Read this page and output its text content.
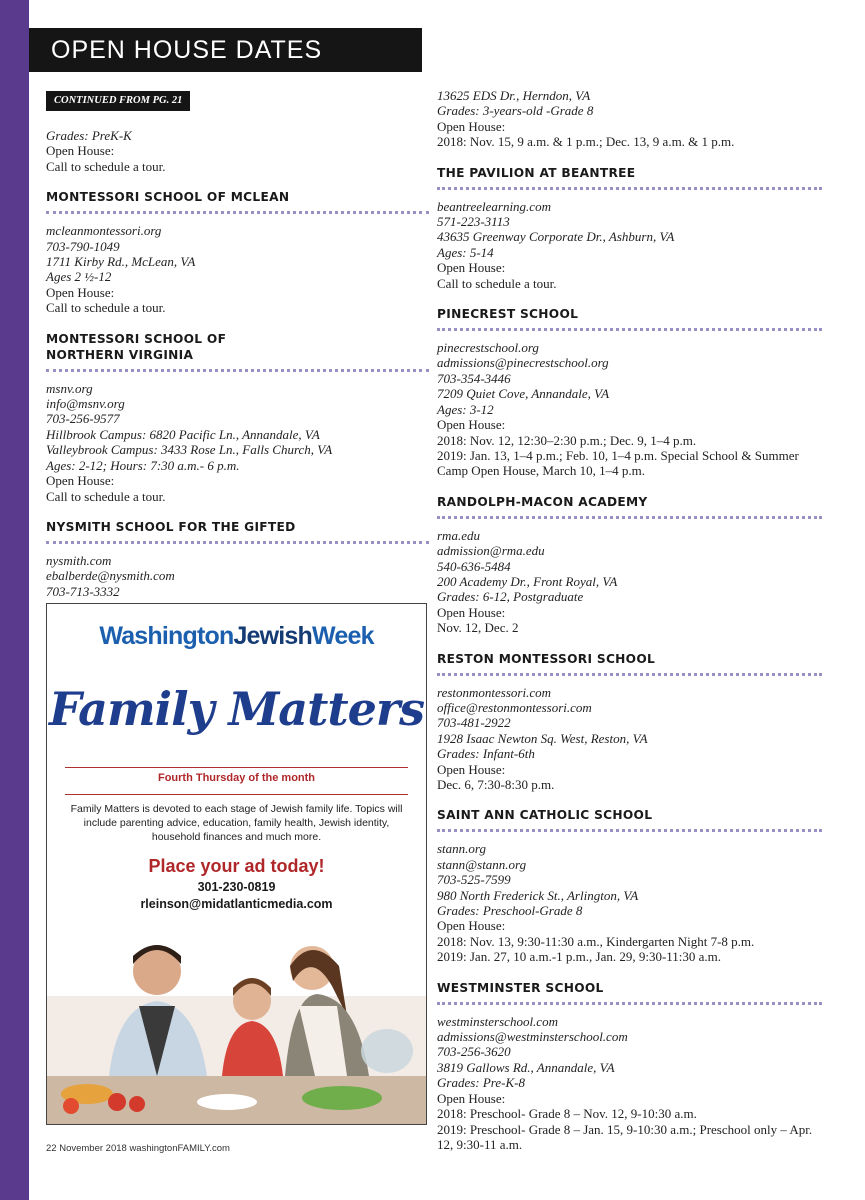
OPEN HOUSE DATES
CONTINUED FROM PG. 21
Grades: PreK-K
Open House:
Call to schedule a tour.
MONTESSORI SCHOOL OF MCLEAN
mcleanmontessori.org
703-790-1049
1711 Kirby Rd., McLean, VA
Ages 2 ½-12
Open House:
Call to schedule a tour.
MONTESSORI SCHOOL OF NORTHERN VIRGINIA
msnv.org
info@msnv.org
703-256-9577
Hillbrook Campus: 6820 Pacific Ln., Annandale, VA
Valleybrook Campus: 3433 Rose Ln., Falls Church, VA
Ages: 2-12; Hours: 7:30 a.m.- 6 p.m.
Open House:
Call to schedule a tour.
NYSMITH SCHOOL FOR THE GIFTED
nysmith.com
ebalberde@nysmith.com
703-713-3332
13625 EDS Dr., Herndon, VA
Grades: 3-years-old -Grade 8
Open House:
2018: Nov. 15, 9 a.m. & 1 p.m.; Dec. 13, 9 a.m. & 1 p.m.
THE PAVILION AT BEANTREE
beantreelearning.com
571-223-3113
43635 Greenway Corporate Dr., Ashburn, VA
Ages: 5-14
Open House:
Call to schedule a tour.
PINECREST SCHOOL
pinecrestschool.org
admissions@pinecrestschool.org
703-354-3446
7209 Quiet Cove, Annandale, VA
Ages: 3-12
Open House:
2018: Nov. 12, 12:30–2:30 p.m.; Dec. 9, 1–4 p.m.
2019: Jan. 13, 1–4 p.m.; Feb. 10, 1–4 p.m. Special School & Summer Camp Open House, March 10, 1–4 p.m.
RANDOLPH-MACON ACADEMY
rma.edu
admission@rma.edu
540-636-5484
200 Academy Dr., Front Royal, VA
Grades: 6-12, Postgraduate
Open House:
Nov. 12, Dec. 2
RESTON MONTESSORI SCHOOL
restonmontessori.com
office@restonmontessori.com
703-481-2922
1928 Isaac Newton Sq. West, Reston, VA
Grades: Infant-6th
Open House:
Dec. 6, 7:30-8:30 p.m.
SAINT ANN CATHOLIC SCHOOL
stann.org
stann@stann.org
703-525-7599
980 North Frederick St., Arlington, VA
Grades: Preschool-Grade 8
Open House:
2018: Nov. 13, 9:30-11:30 a.m., Kindergarten Night 7-8 p.m.
2019: Jan. 27, 10 a.m.-1 p.m., Jan. 29, 9:30-11:30 a.m.
WESTMINSTER SCHOOL
westminsterschool.com
admissions@westminsterschool.com
703-256-3620
3819 Gallows Rd., Annandale, VA
Grades: Pre-K-8
Open House:
2018: Preschool- Grade 8 – Nov. 12, 9-10:30 a.m.
2019: Preschool- Grade 8 – Jan. 15, 9-10:30 a.m.; Preschool only – Apr. 12, 9:30-11 a.m.
WashingtonJewishWeek
Family Matters
Fourth Thursday of the month
Family Matters is devoted to each stage of Jewish family life. Topics will include parenting advice, education, family health, Jewish identity, household finances and much more.
Place your ad today!
301-230-0819
rleinson@midatlanticmedia.com
22 November 2018 washingtonFAMILY.com
